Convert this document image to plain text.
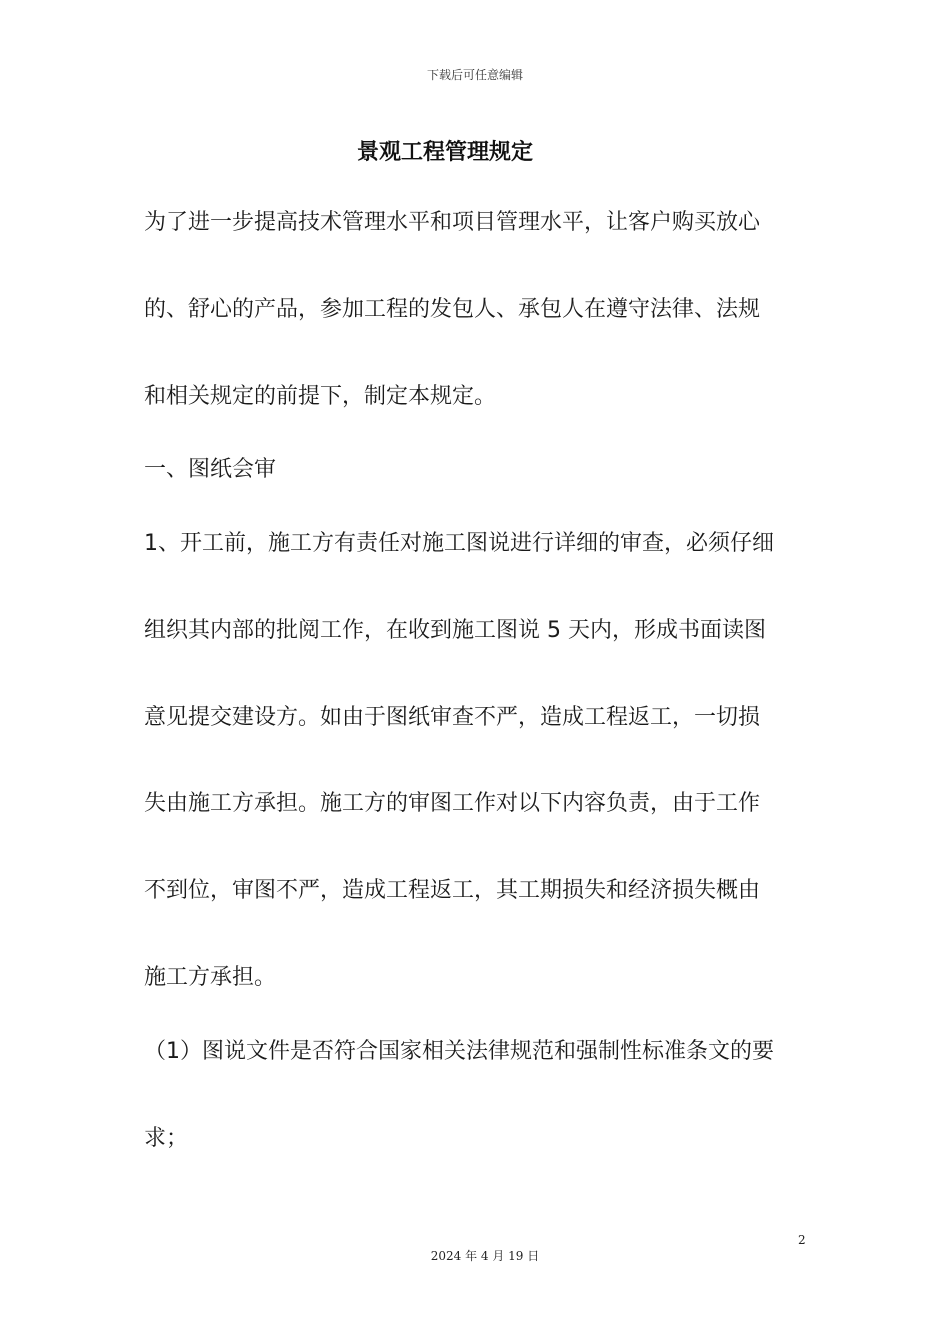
下载后可任意编辑
景观工程管理规定
为了进一步提高技术管理水平和项目管理水平，让客户购买放心
的、舒心的产品，参加工程的发包人、承包人在遵守法律、法规
和相关规定的前提下，制定本规定。
一、图纸会审
1、开工前，施工方有责任对施工图说进行详细的审查，必须仔细
组织其内部的批阅工作，在收到施工图说 5 天内，形成书面读图
意见提交建设方。如由于图纸审查不严，造成工程返工，一切损
失由施工方承担。施工方的审图工作对以下内容负责，由于工作
不到位，审图不严，造成工程返工，其工期损失和经济损失概由
施工方承担。
（1）图说文件是否符合国家相关法律规范和强制性标准条文的要
求；
2
2024 年 4 月 19 日
